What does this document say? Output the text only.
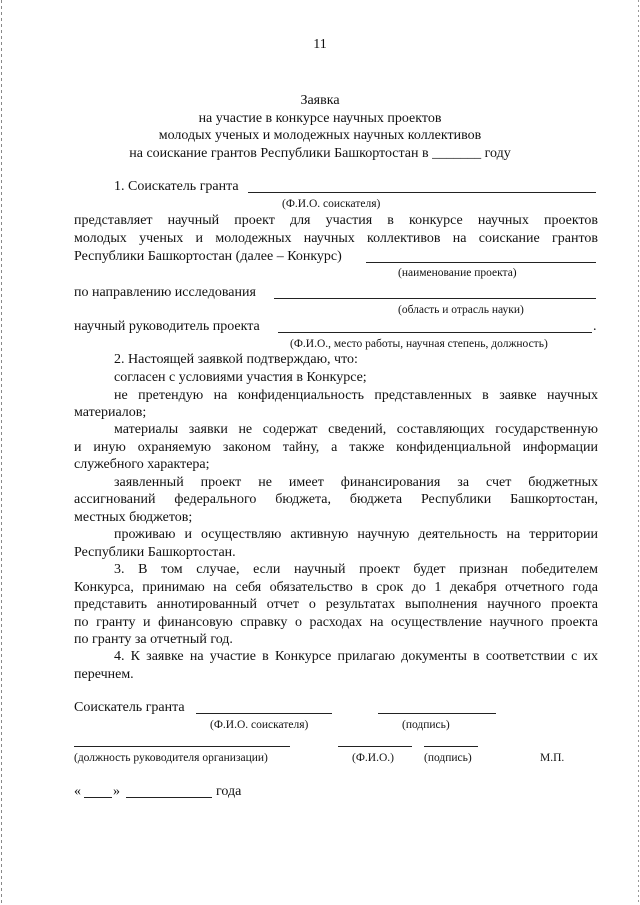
11
Заявка
на участие в конкурсе научных проектов
молодых ученых и молодежных научных коллективов
на соискание грантов Республики Башкортостан в _______ году
1. Соискатель гранта
(Ф.И.О. соискателя)
представляет научный проект для участия в конкурсе научных проектов
молодых ученых и молодежных научных коллективов на соискание грантов
Республики Башкортостан (далее – Конкурс)
(наименование проекта)
по направлению исследования
(область и отрасль науки)
научный руководитель проекта	.
(Ф.И.О., место работы, научная степень, должность)
2. Настоящей заявкой подтверждаю, что:
согласен с условиями участия в Конкурсе;
не претендую на конфиденциальность представленных в заявке научных
материалов;
материалы заявки не содержат сведений, составляющих государственную
и иную охраняемую законом тайну, а также конфиденциальной информации
служебного характера;
заявленный проект не имеет финансирования за счет бюджетных
ассигнований федерального бюджета, бюджета Республики Башкортостан,
местных бюджетов;
проживаю и осуществляю активную научную деятельность на территории
Республики Башкортостан.
3. В том случае, если научный проект будет признан победителем
Конкурса, принимаю на себя обязательство в срок до 1 декабря отчетного года
представить аннотированный отчет о результатах выполнения научного проекта
по гранту и финансовую справку о расходах на осуществление научного проекта
по гранту за отчетный год.
4. К заявке на участие в Конкурсе прилагаю документы в соответствии с их
перечнем.
Соискатель гранта
(Ф.И.О. соискателя)	(подпись)
(должность руководителя организации)	(Ф.И.О.)	(подпись)	М.П.
« »	года
